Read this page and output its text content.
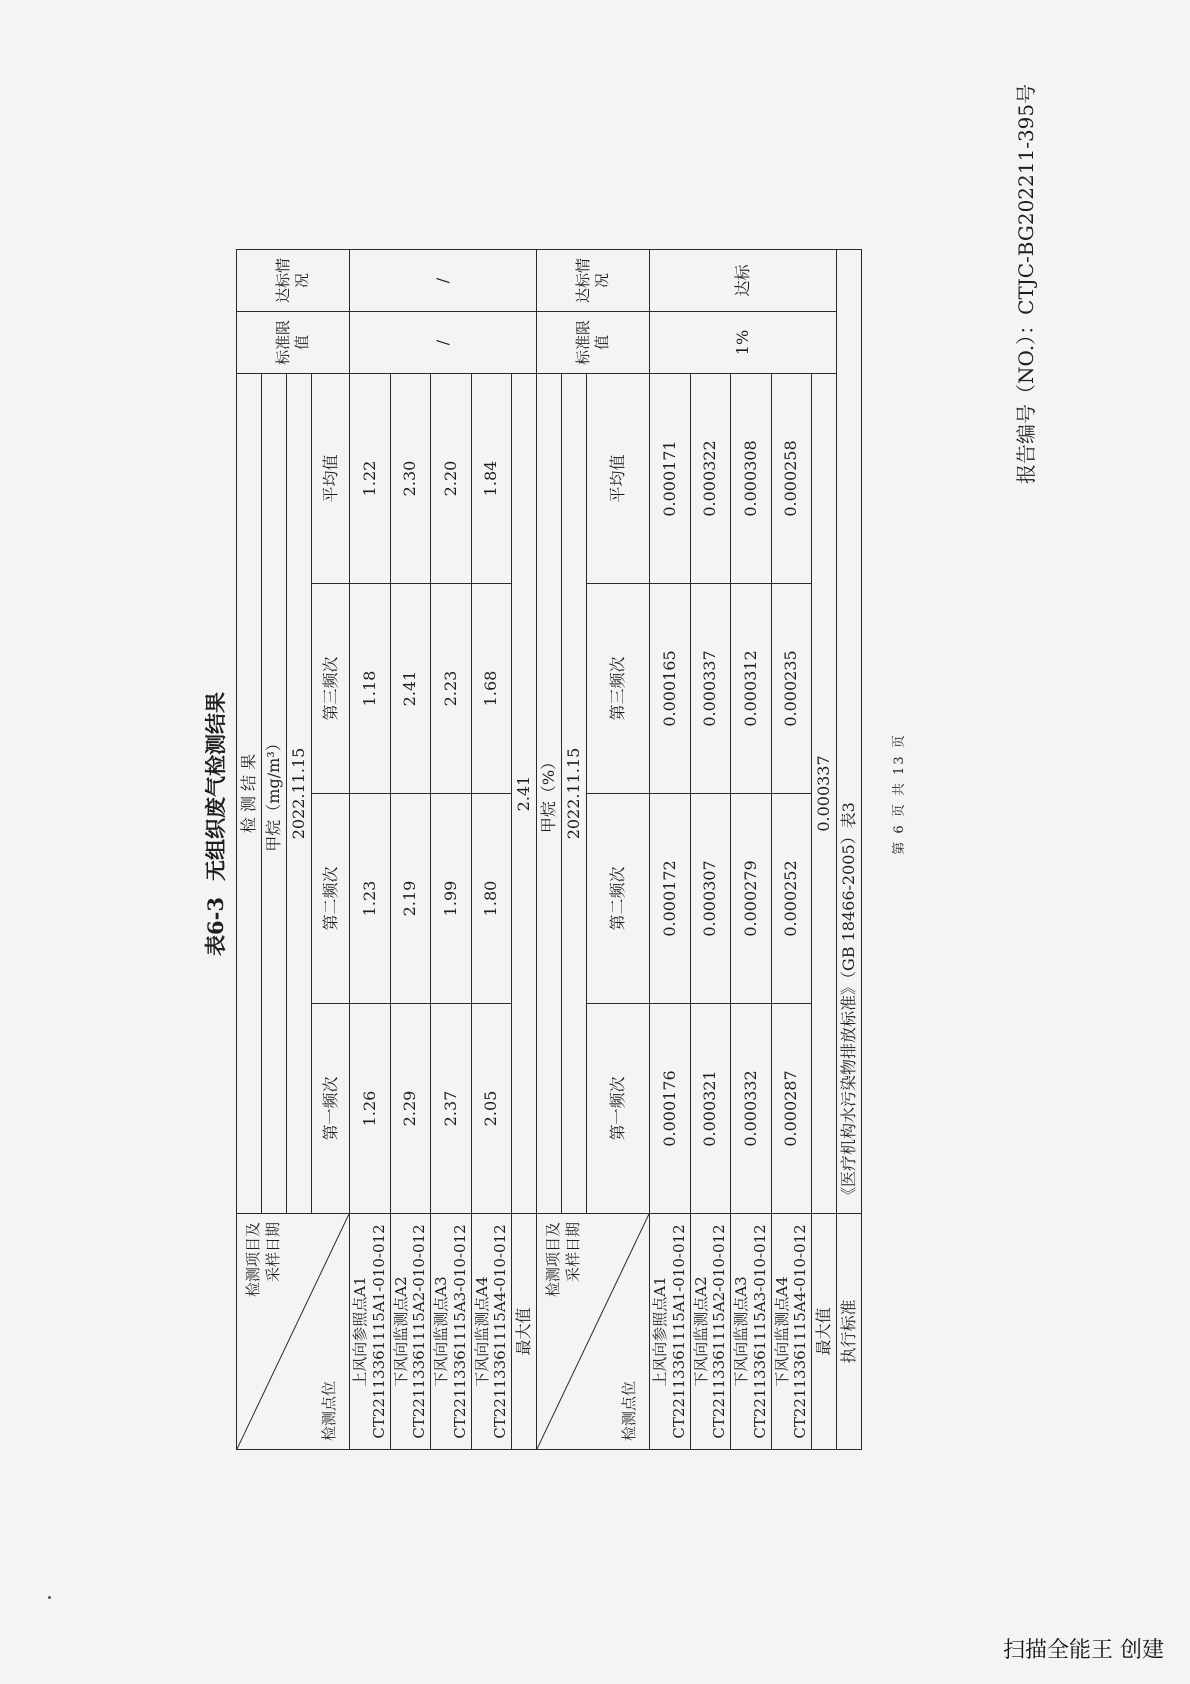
报告编号（NO.）：CTJC-BG202211-395号
表6-3无组织废气检测结果
检测项目及 采样日期
检测点位	检 测 结 果				标准限值	达标情况
	甲烷（mg/m³）					
	2022.11.15					
	第一频次	第二频次	第三频次	平均值		
上风向参照点A1
CT22113361115A1-010-012	1.26	1.23	1.18	1.22	/	/
下风向监测点A2
CT22113361115A2-010-012	2.29	2.19	2.41	2.30		
下风向监测点A3
CT22113361115A3-010-012	2.37	1.99	2.23	2.20		
下风向监测点A4
CT22113361115A4-010-012	2.05	1.80	1.68	1.84		
最大值	2.41					

检测项目及 采样日期
检测点位	甲烷（%）				标准限值	达标情况
	2022.11.15					
	第一频次	第二频次	第三频次	平均值		

上风向参照点A1
CT22113361115A1-010-012	0.000176	0.000172	0.000165	0.000171	1%	达标
下风向监测点A2
CT22113361115A2-010-012	0.000321	0.000307	0.000337	0.000322		
下风向监测点A3
CT22113361115A3-010-012	0.000332	0.000279	0.000312	0.000308		
下风向监测点A4
CT22113361115A4-010-012	0.000287	0.000252	0.000235	0.000258		
最大值	0.000337					
执行标准	《医疗机构水污染物排放标准》（GB 18466-2005）表3					
第 6 页 共 13 页
扫描全能王 创建
